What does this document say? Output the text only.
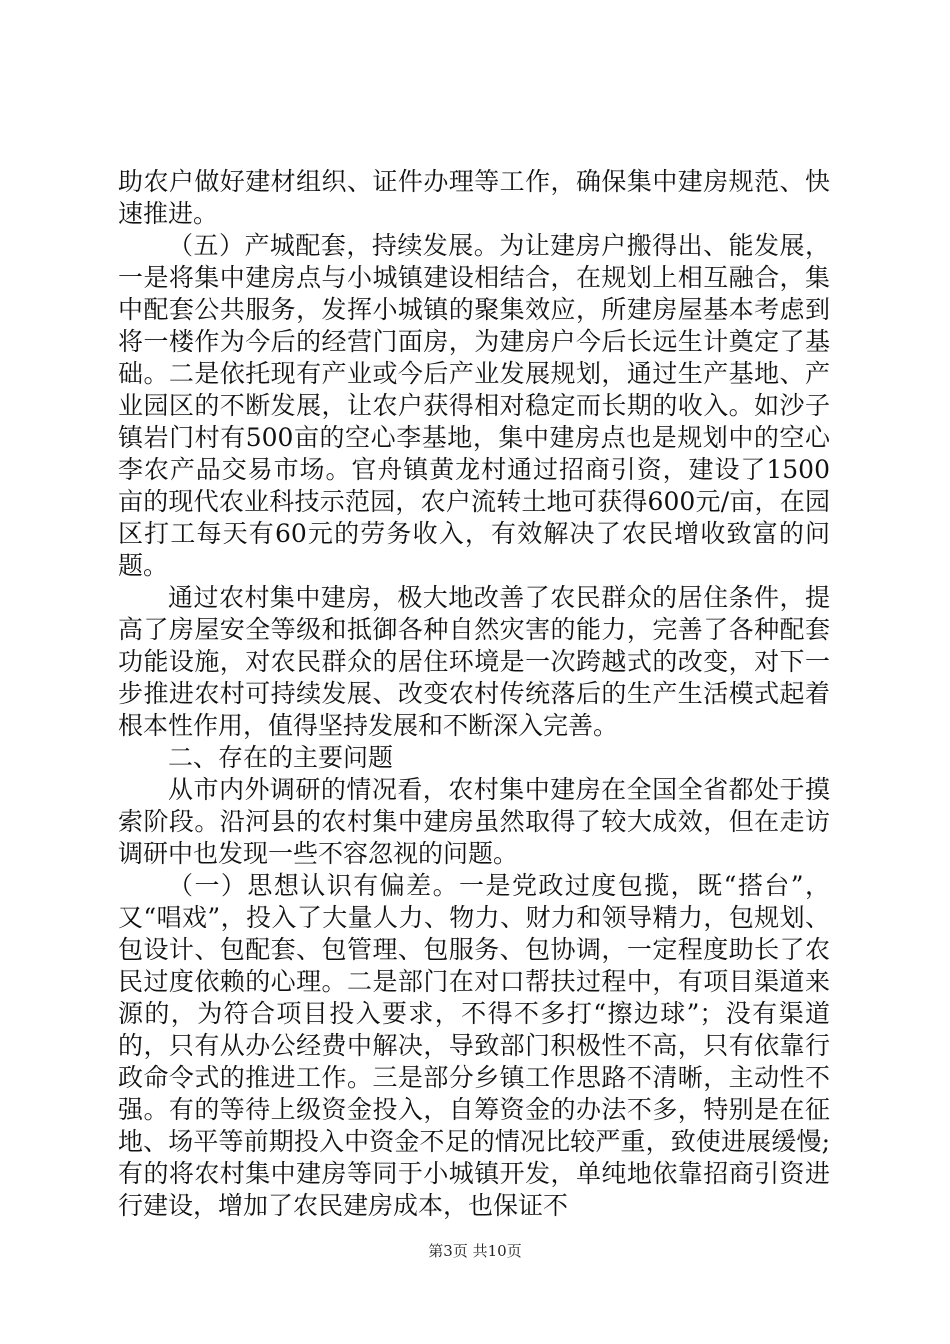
助农户做好建材组织、证件办理等工作，确保集中建房规范、快速推进。

（五）产城配套，持续发展。为让建房户搬得出、能发展，一是将集中建房点与小城镇建设相结合，在规划上相互融合，集中配套公共服务，发挥小城镇的聚集效应，所建房屋基本考虑到将一楼作为今后的经营门面房，为建房户今后长远生计奠定了基础。二是依托现有产业或今后产业发展规划，通过生产基地、产业园区的不断发展，让农户获得相对稳定而长期的收入。如沙子镇岩门村有500亩的空心李基地，集中建房点也是规划中的空心李农产品交易市场。官舟镇黄龙村通过招商引资，建设了1500亩的现代农业科技示范园，农户流转土地可获得600元/亩，在园区打工每天有60元的劳务收入，有效解决了农民增收致富的问题。

通过农村集中建房，极大地改善了农民群众的居住条件，提高了房屋安全等级和抵御各种自然灾害的能力，完善了各种配套功能设施，对农民群众的居住环境是一次跨越式的改变，对下一步推进农村可持续发展、改变农村传统落后的生产生活模式起着根本性作用，值得坚持发展和不断深入完善。

二、存在的主要问题

从市内外调研的情况看，农村集中建房在全国全省都处于摸索阶段。沿河县的农村集中建房虽然取得了较大成效，但在走访调研中也发现一些不容忽视的问题。

（一）思想认识有偏差。一是党政过度包揽，既“搭台”，又“唱戏”，投入了大量人力、物力、财力和领导精力，包规划、包设计、包配套、包管理、包服务、包协调，一定程度助长了农民过度依赖的心理。二是部门在对口帮扶过程中，有项目渠道来源的，为符合项目投入要求，不得不多打“擦边球”；没有渠道的，只有从办公经费中解决，导致部门积极性不高，只有依靠行政命令式的推进工作。三是部分乡镇工作思路不清晰，主动性不强。有的等待上级资金投入，自筹资金的办法不多，特别是在征地、场平等前期投入中资金不足的情况比较严重，致使进展缓慢;有的将农村集中建房等同于小城镇开发，单纯地依靠招商引资进行建设，增加了农民建房成本，也保证不

第3页 共10页
